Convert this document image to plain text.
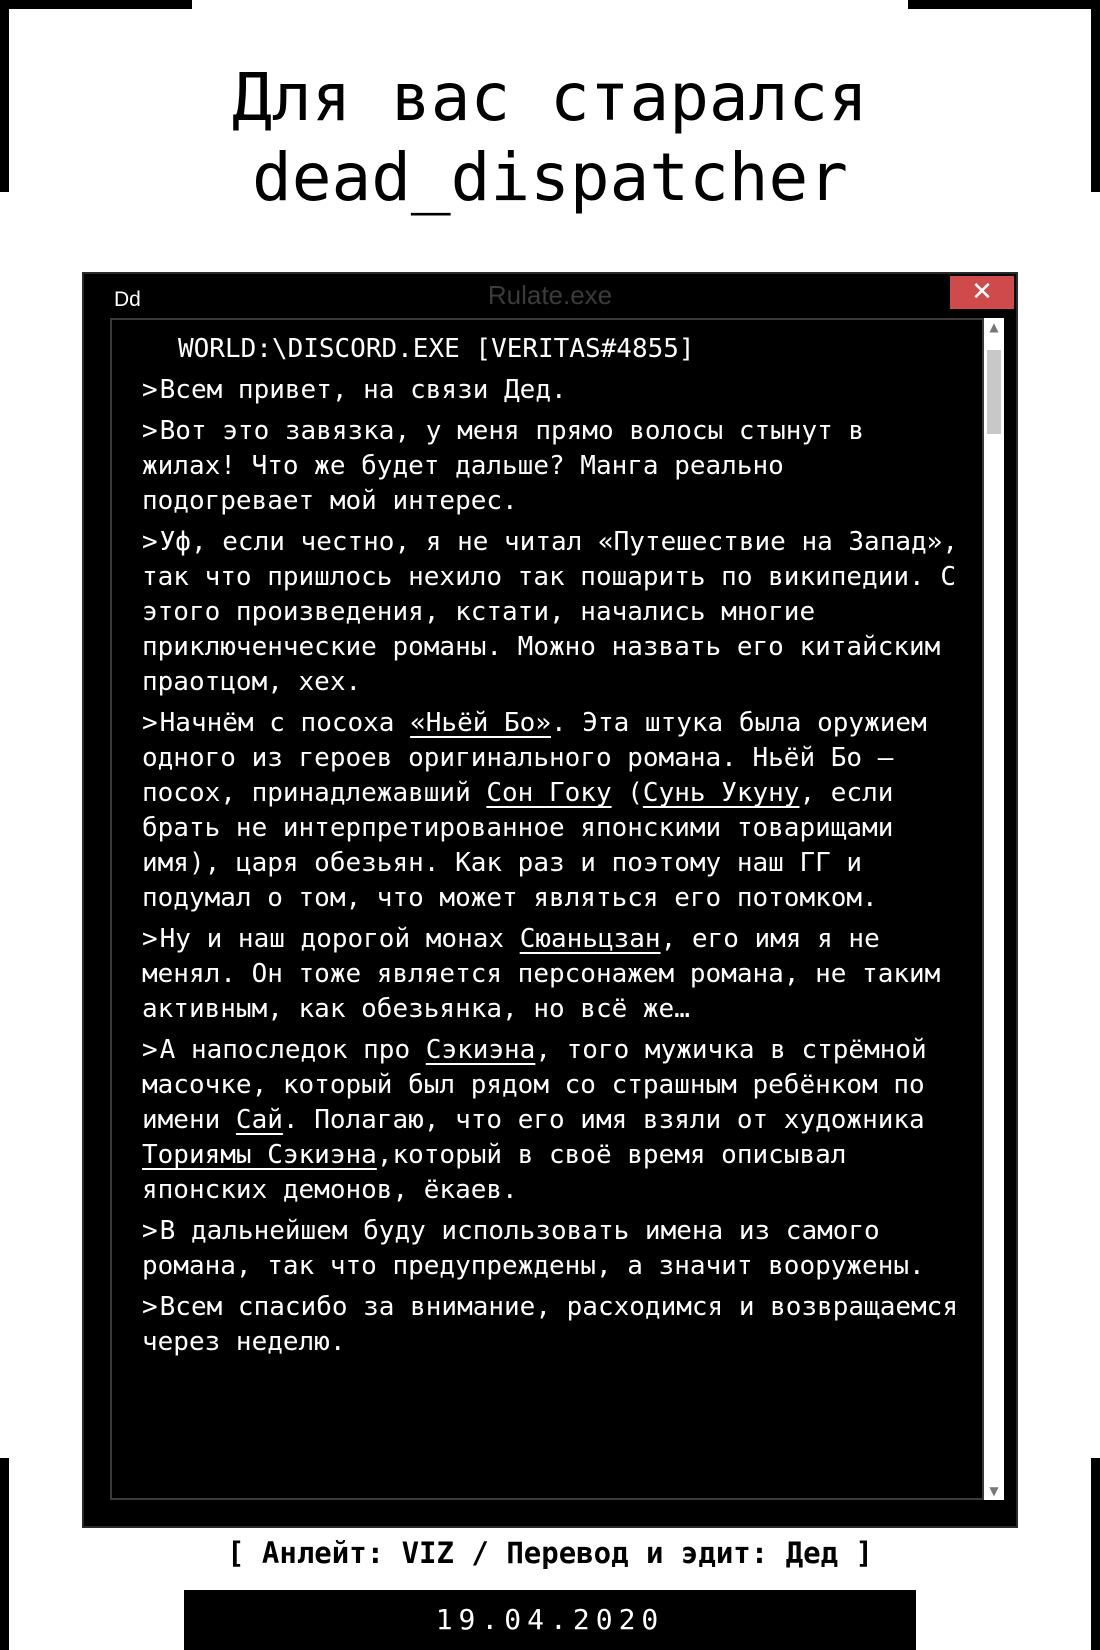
Для вас старался
dead_dispatcher
Dd	Rulate.exe	✕
WORLD:\DISCORD.EXE [VERITAS#4855]

>Всем привет, на связи Дед.

>Вот это завязка, у меня прямо волосы стынут в жилах! Что же будет дальше? Манга реально подогревает мой интерес.

>Уф, если честно, я не читал «Путешествие на Запад», так что пришлось нехило так пошарить по википедии. С этого произведения, кстати, начались многие приключенческие романы. Можно назвать его китайским праотцом, хех.

>Начнём с посоха «Ньёй Бо». Эта штука была оружием одного из героев оригинального романа. Ньёй Бо – посох, принадлежавший Сон Гоку (Сунь Укуну, если брать не интерпретированное японскими товарищами имя), царя обезьян. Как раз и поэтому наш ГГ и подумал о том, что может являться его потомком.

>Ну и наш дорогой монах Сюаньцзан, его имя я не менял. Он тоже является персонажем романа, не таким активным, как обезьянка, но всё же…

>А напоследок про Сэкиэна, того мужичка в стрёмной масочке, который был рядом со страшным ребёнком по имени Сай. Полагаю, что его имя взяли от художника Ториямы Сэкиэна,который в своё время описывал японских демонов, ёкаев.

>В дальнейшем буду использовать имена из самого романа, так что предупреждены, а значит вооружены.

>Всем спасибо за внимание, расходимся и возвращаемся через неделю.

▲
▼
[ Анлейт: VIZ / Перевод и эдит: Дед ]
19.04.2020
